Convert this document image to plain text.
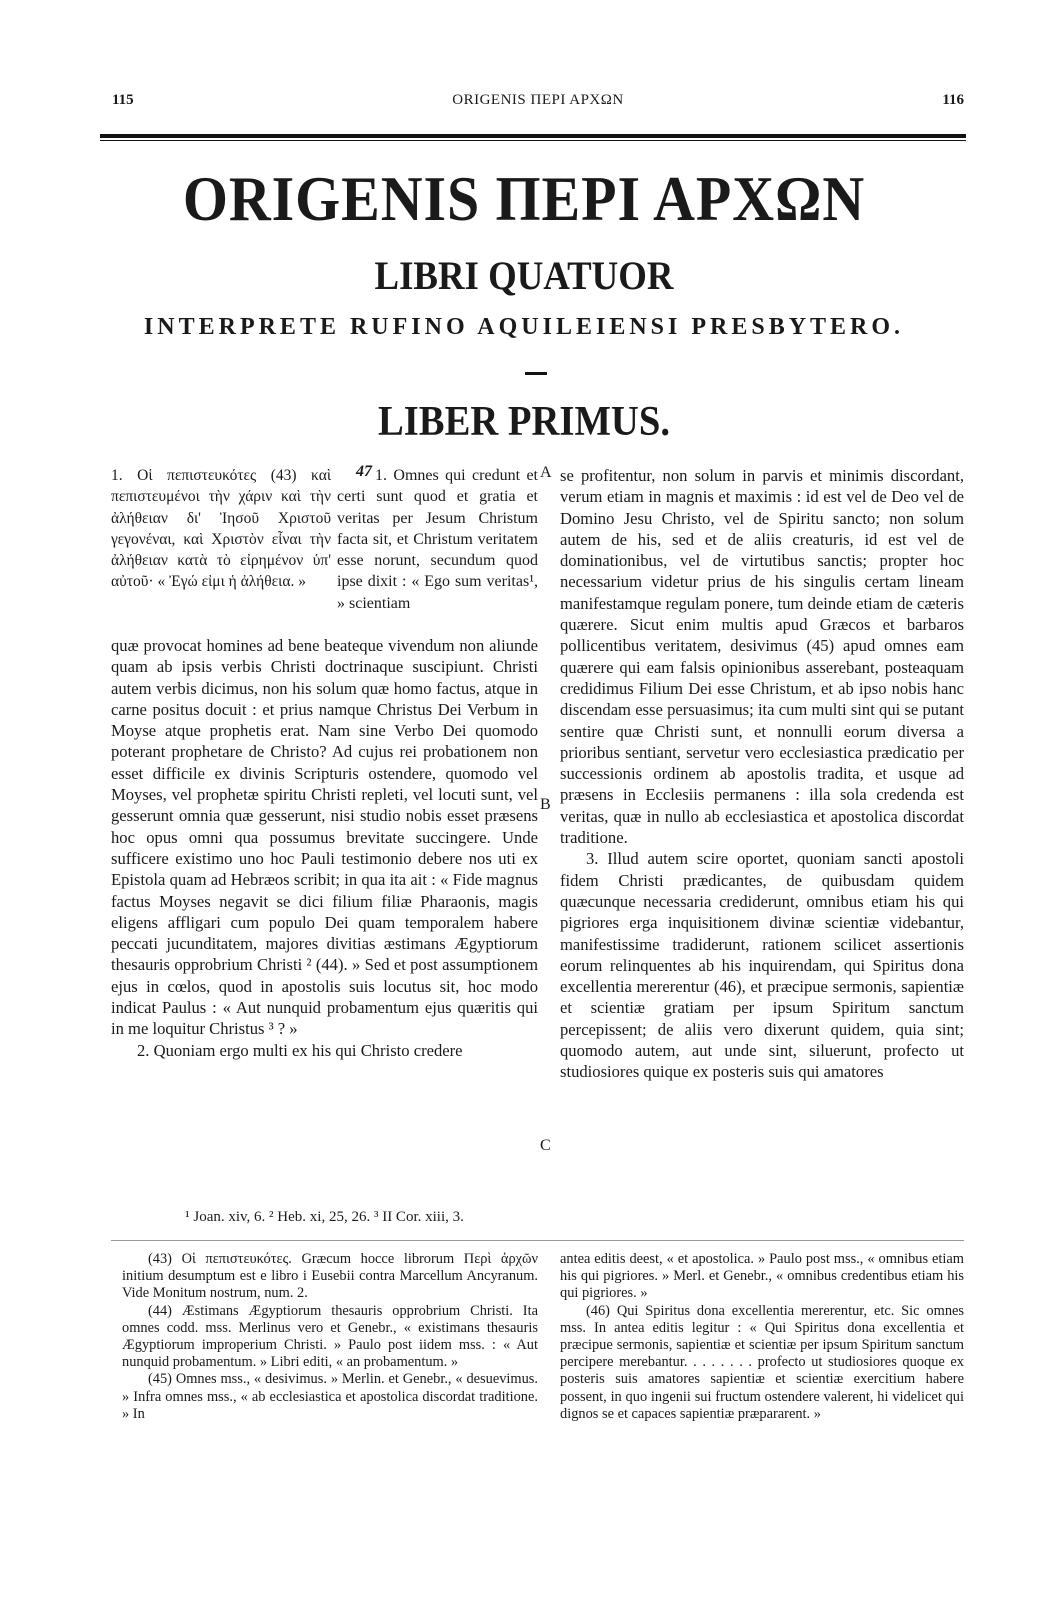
115	ORIGENIS ΠΕΡΙ ΑΡΧΩΝ	116
ORIGENIS ΠΕΡΙ ΑΡΧΩΝ
LIBRI QUATUOR
INTERPRETE RUFINO AQUILEIENSI PRESBYTERO.
LIBER PRIMUS.
1. Οἱ πεπιστευκότες (43) καὶ πεπιστευμένοι τὴν χάριν καὶ τὴν ἀλήθειαν δι' Ἰησοῦ Χριστοῦ γεγονέναι, καὶ Χριστὸν εἶναι τὴν ἀλήθειαν κατὰ τὸ εἰρημένον ὑπ' αὐτοῦ· « Ἐγώ εἰμι ἡ ἀλήθεια. »
47 1. Omnes qui credunt et certi sunt quod et gratia et veritas per Jesum Christum facta sit, et Christum veritatem esse norunt, secundum quod ipse dixit : « Ego sum veritas¹, » scientiam

quæ provocat homines ad bene beateque vivendum non aliunde quam ab ipsis verbis Christi doctrinaque suscipiunt. Christi autem verbis dicimus, non his solum quæ homo factus, atque in carne positus docuit : et prius namque Christus Dei Verbum in Moyse atque prophetis erat. Nam sine Verbo Dei quomodo poterant prophetare de Christo? Ad cujus rei probationem non esset difficile ex divinis Scripturis ostendere, quomodo vel Moyses, vel prophetæ spiritu Christi repleti, vel locuti sunt, vel gesserunt omnia quæ gesserunt, nisi studio nobis esset præsens hoc opus omni qua possumus brevitate succingere. Unde sufficere existimo uno hoc Pauli testimonio debere nos uti ex Epistola quam ad Hebræos scribit; in qua ita ait : « Fide magnus factus Moyses negavit se dici filium filiæ Pharaonis, magis eligens affligari cum populo Dei quam temporalem habere peccati jucunditatem, majores divitias æstimans Ægyptiorum thesauris opprobrium Christi ² (44). » Sed et post assumptionem ejus in cœlos, quod in apostolis suis locutus sit, hoc modo indicat Paulus : « Aut nunquid probamentum ejus quæritis qui in me loquitur Christus ³ ? »

2. Quoniam ergo multi ex his qui Christo credere

A
B
C

se profitentur, non solum in parvis et minimis discordant, verum etiam in magnis et maximis : id est vel de Deo vel de Domino Jesu Christo, vel de Spiritu sancto; non solum autem de his, sed et de aliis creaturis, id est vel de dominationibus, vel de virtutibus sanctis; propter hoc necessarium videtur prius de his singulis certam lineam manifestamque regulam ponere, tum deinde etiam de cæteris quærere. Sicut enim multis apud Græcos et barbaros pollicentibus veritatem, desivimus (45) apud omnes eam quærere qui eam falsis opinionibus asserebant, posteaquam credidimus Filium Dei esse Christum, et ab ipso nobis hanc discendam esse persuasimus; ita cum multi sint qui se putant sentire quæ Christi sunt, et nonnulli eorum diversa a prioribus sentiant, servetur vero ecclesiastica prædicatio per successionis ordinem ab apostolis tradita, et usque ad præsens in Ecclesiis permanens : illa sola credenda est veritas, quæ in nullo ab ecclesiastica et apostolica discordat traditione.

3. Illud autem scire oportet, quoniam sancti apostoli fidem Christi prædicantes, de quibusdam quidem quæcunque necessaria crediderunt, omnibus etiam his qui pigriores erga inquisitionem divinæ scientiæ videbantur, manifestissime tradiderunt, rationem scilicet assertionis eorum relinquentes ab his inquirendam, qui Spiritus dona excellentia mererentur (46), et præcipue sermonis, sapientiæ et scientiæ gratiam per ipsum Spiritum sanctum percepissent; de aliis vero dixerunt quidem, quia sint; quomodo autem, aut unde sint, siluerunt, profecto ut studiosiores quique ex posteris suis qui amatores

¹ Joan. xiv, 6. ² Heb. xi, 25, 26. ³ II Cor. xiii, 3.

(43) Οἱ πεπιστευκότες. Græcum hocce librorum Περὶ ἀρχῶν initium desumptum est e libro i Eusebii contra Marcellum Ancyranum. Vide Monitum nostrum, num. 2.

(44) Æstimans Ægyptiorum thesauris opprobrium Christi. Ita omnes codd. mss. Merlinus vero et Genebr., « existimans thesauris Ægyptiorum improperium Christi. » Paulo post iidem mss. : « Aut nunquid probamentum. » Libri editi, « an probamentum. »

(45) Omnes mss., « desivimus. » Merlin. et Genebr., « desuevimus. » Infra omnes mss., « ab ecclesiastica et apostolica discordat traditione. » In

antea editis deest, « et apostolica. » Paulo post mss., « omnibus etiam his qui pigriores. » Merl. et Genebr., « omnibus credentibus etiam his qui pigriores. »

(46) Qui Spiritus dona excellentia mererentur, etc. Sic omnes mss. In antea editis legitur : « Qui Spiritus dona excellentia et præcipue sermonis, sapientiæ et scientiæ per ipsum Spiritum sanctum percipere merebantur. . . . . . . . profecto ut studiosiores quoque ex posteris suis amatores sapientiæ et scientiæ exercitium habere possent, in quo ingenii sui fructum ostendere valerent, hi videlicet qui dignos se et capaces sapientiæ præpararent. »
